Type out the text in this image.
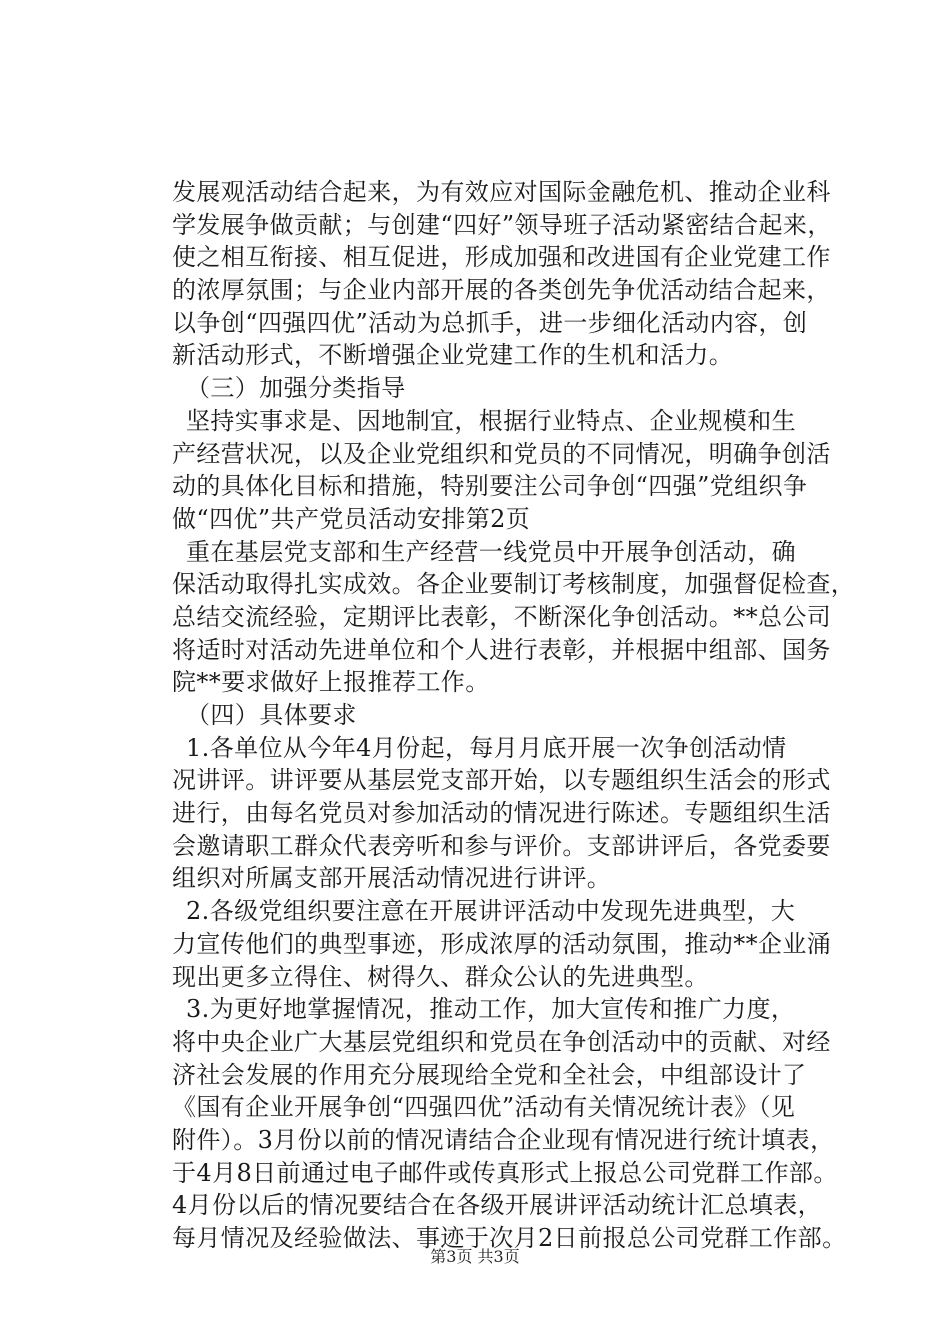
发展观活动结合起来，为有效应对国际金融危机、推动企业科
学发展争做贡献；与创建“四好”领导班子活动紧密结合起来，
使之相互衔接、相互促进，形成加强和改进国有企业党建工作
的浓厚氛围；与企业内部开展的各类创先争优活动结合起来，
以争创“四强四优”活动为总抓手，进一步细化活动内容，创
新活动形式，不断增强企业党建工作的生机和活力。
（三）加强分类指导
坚持实事求是、因地制宜，根据行业特点、企业规模和生
产经营状况，以及企业党组织和党员的不同情况，明确争创活
动的具体化目标和措施，特别要注公司争创“四强”党组织争
做“四优”共产党员活动安排第2页
重在基层党支部和生产经营一线党员中开展争创活动，确
保活动取得扎实成效。各企业要制订考核制度，加强督促检查，
总结交流经验，定期评比表彰，不断深化争创活动。**总公司
将适时对活动先进单位和个人进行表彰，并根据中组部、国务
院**要求做好上报推荐工作。
（四）具体要求
1.各单位从今年4月份起，每月月底开展一次争创活动情
况讲评。讲评要从基层党支部开始，以专题组织生活会的形式
进行，由每名党员对参加活动的情况进行陈述。专题组织生活
会邀请职工群众代表旁听和参与评价。支部讲评后，各党委要
组织对所属支部开展活动情况进行讲评。
2.各级党组织要注意在开展讲评活动中发现先进典型，大
力宣传他们的典型事迹，形成浓厚的活动氛围，推动**企业涌
现出更多立得住、树得久、群众公认的先进典型。
3.为更好地掌握情况，推动工作，加大宣传和推广力度，
将中央企业广大基层党组织和党员在争创活动中的贡献、对经
济社会发展的作用充分展现给全党和全社会，中组部设计了
《国有企业开展争创“四强四优”活动有关情况统计表》（见
附件）。3月份以前的情况请结合企业现有情况进行统计填表，
于4月8日前通过电子邮件或传真形式上报总公司党群工作部。
4月份以后的情况要结合在各级开展讲评活动统计汇总填表，
每月情况及经验做法、事迹于次月2日前报总公司党群工作部。
第3页 共3页
